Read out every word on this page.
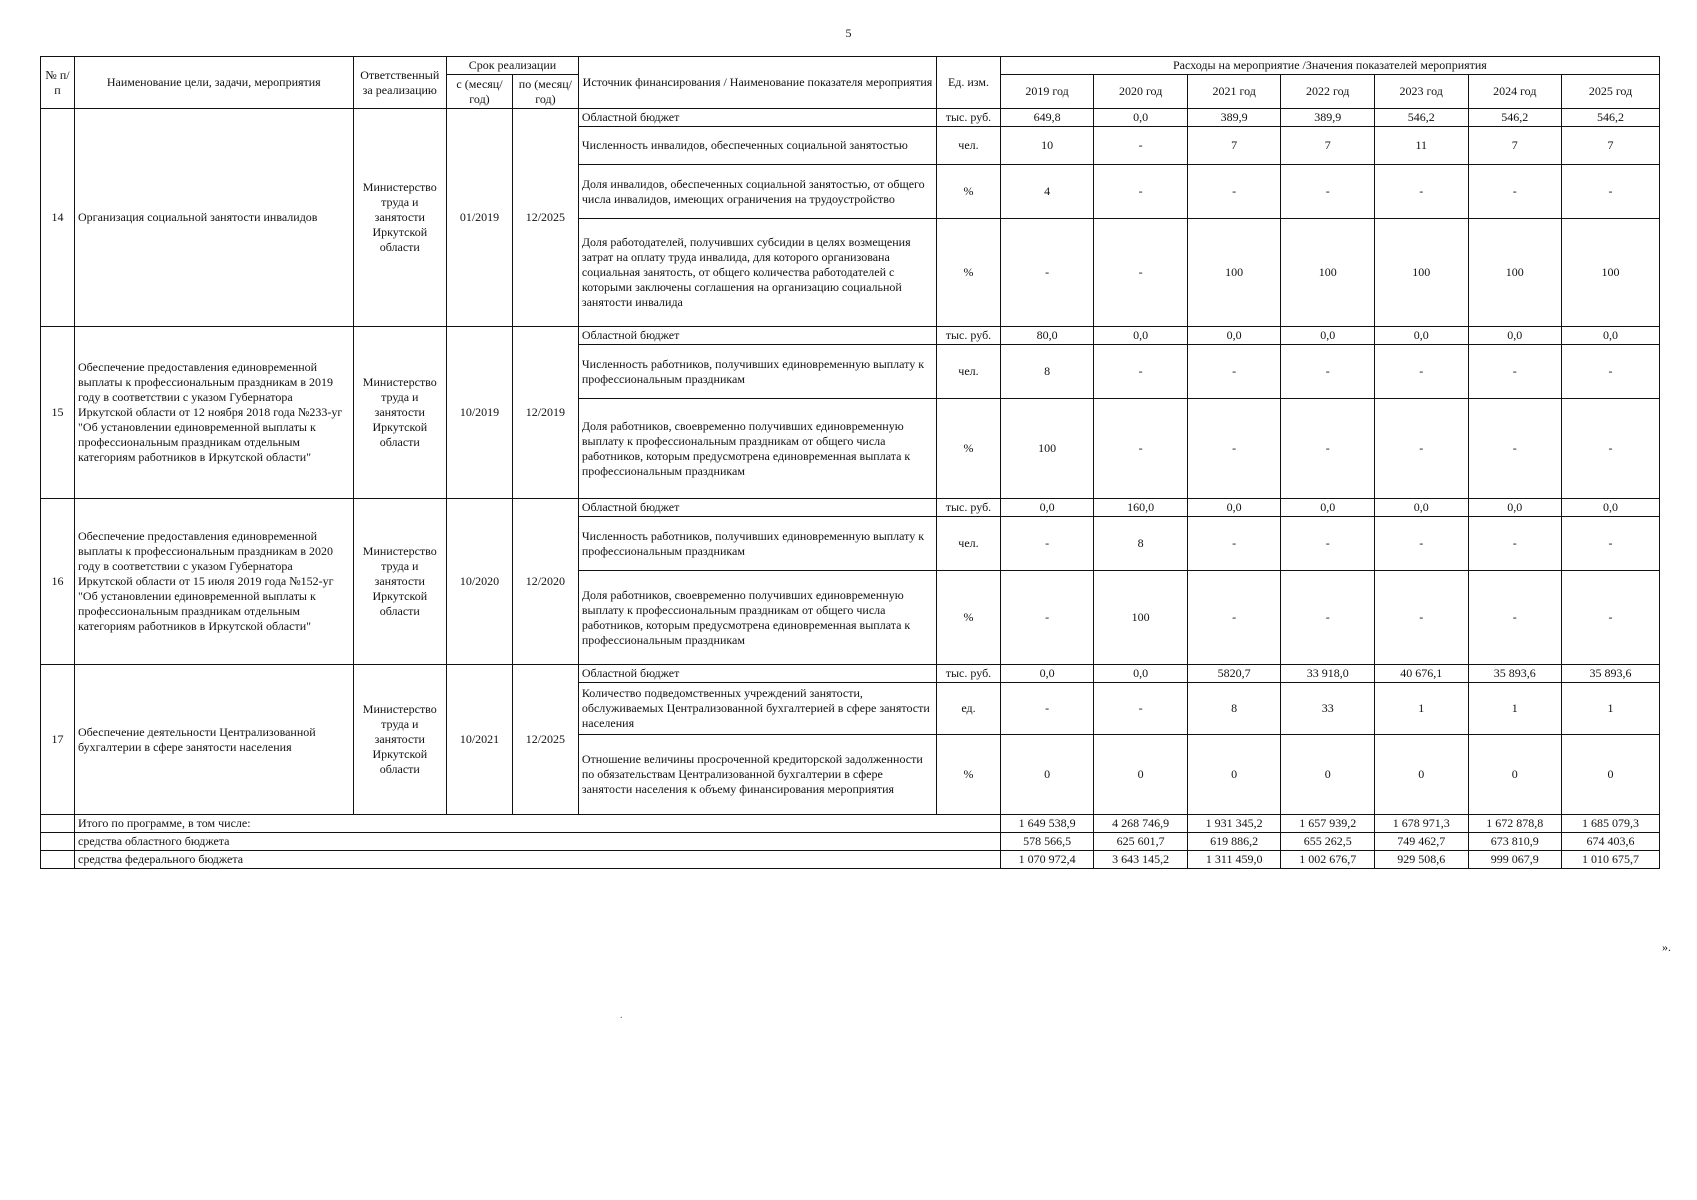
5
№ п/п	Наименование цели, задачи, мероприятия	Ответственный за реализацию	Срок реализации		Источник финансирования / Наименование показателя мероприятия	Ед. изм.	Расходы на мероприятие /Значения показателей мероприятия						
			с (месяц/ год)	по (месяц/ год)			2019 год	2020 год	2021 год	2022 год	2023 год	2024 год	2025 год
14	Организация социальной занятости инвалидов	Министерство труда и занятости Иркутской области	01/2019	12/2025	Областной бюджет	тыс. руб.	649,8	0,0	389,9	389,9	546,2	546,2	546,2
					Численность инвалидов, обеспеченных социальной занятостью	чел.	10	-	7	7	11	7	7
					Доля инвалидов, обеспеченных социальной занятостью, от общего числа инвалидов, имеющих ограничения на трудоустройство	%	4	-	-	-	-	-	-
					Доля работодателей, получивших субсидии в целях возмещения затрат на оплату труда инвалида, для которого организована социальная занятость, от общего количества работодателей с которыми заключены соглашения на организацию социальной занятости инвалида	%	-	-	100	100	100	100	100
15	Обеспечение предоставления единовременной выплаты к профессиональным праздникам в 2019 году в соответствии с указом Губернатора Иркутской области от 12 ноября 2018 года №233-уг "Об установлении единовременной выплаты к профессиональным праздникам отдельным категориям работников в Иркутской области"	Министерство труда и занятости Иркутской области	10/2019	12/2019	Областной бюджет	тыс. руб.	80,0	0,0	0,0	0,0	0,0	0,0	0,0
					Численность работников, получивших единовременную выплату к профессиональным праздникам	чел.	8	-	-	-	-	-	-
					Доля работников, своевременно получивших единовременную выплату к профессиональным праздникам от общего числа работников, которым предусмотрена единовременная выплата к профессиональным праздникам	%	100	-	-	-	-	-	-
16	Обеспечение предоставления единовременной выплаты к профессиональным праздникам в 2020 году в соответствии с указом Губернатора Иркутской области от 15 июля 2019 года №152-уг "Об установлении единовременной выплаты к профессиональным праздникам отдельным категориям работников в Иркутской области"	Министерство труда и занятости Иркутской области	10/2020	12/2020	Областной бюджет	тыс. руб.	0,0	160,0	0,0	0,0	0,0	0,0	0,0
					Численность работников, получивших единовременную выплату к профессиональным праздникам	чел.	-	8	-	-	-	-	-
					Доля работников, своевременно получивших единовременную выплату к профессиональным праздникам от общего числа работников, которым предусмотрена единовременная выплата к профессиональным праздникам	%	-	100	-	-	-	-	-
17	Обеспечение деятельности Централизованной бухгалтерии в сфере занятости населения	Министерство труда и занятости Иркутской области	10/2021	12/2025	Областной бюджет	тыс. руб.	0,0	0,0	5820,7	33 918,0	40 676,1	35 893,6	35 893,6
					Количество подведомственных учреждений занятости, обслуживаемых Централизованной бухгалтерией в сфере занятости населения	ед.	-	-	8	33	1	1	1
					Отношение величины просроченной кредиторской задолженности по обязательствам Централизованной бухгалтерии в сфере занятости населения к объему финансирования мероприятия	%	0	0	0	0	0	0	0
	Итого по программе, в том числе:						1 649 538,9	4 268 746,9	1 931 345,2	1 657 939,2	1 678 971,3	1 672 878,8	1 685 079,3
	средства областного бюджета						578 566,5	625 601,7	619 886,2	655 262,5	749 462,7	673 810,9	674 403,6
	средства федерального бюджета						1 070 972,4	3 643 145,2	1 311 459,0	1 002 676,7	929 508,6	999 067,9	1 010 675,7
».
.
